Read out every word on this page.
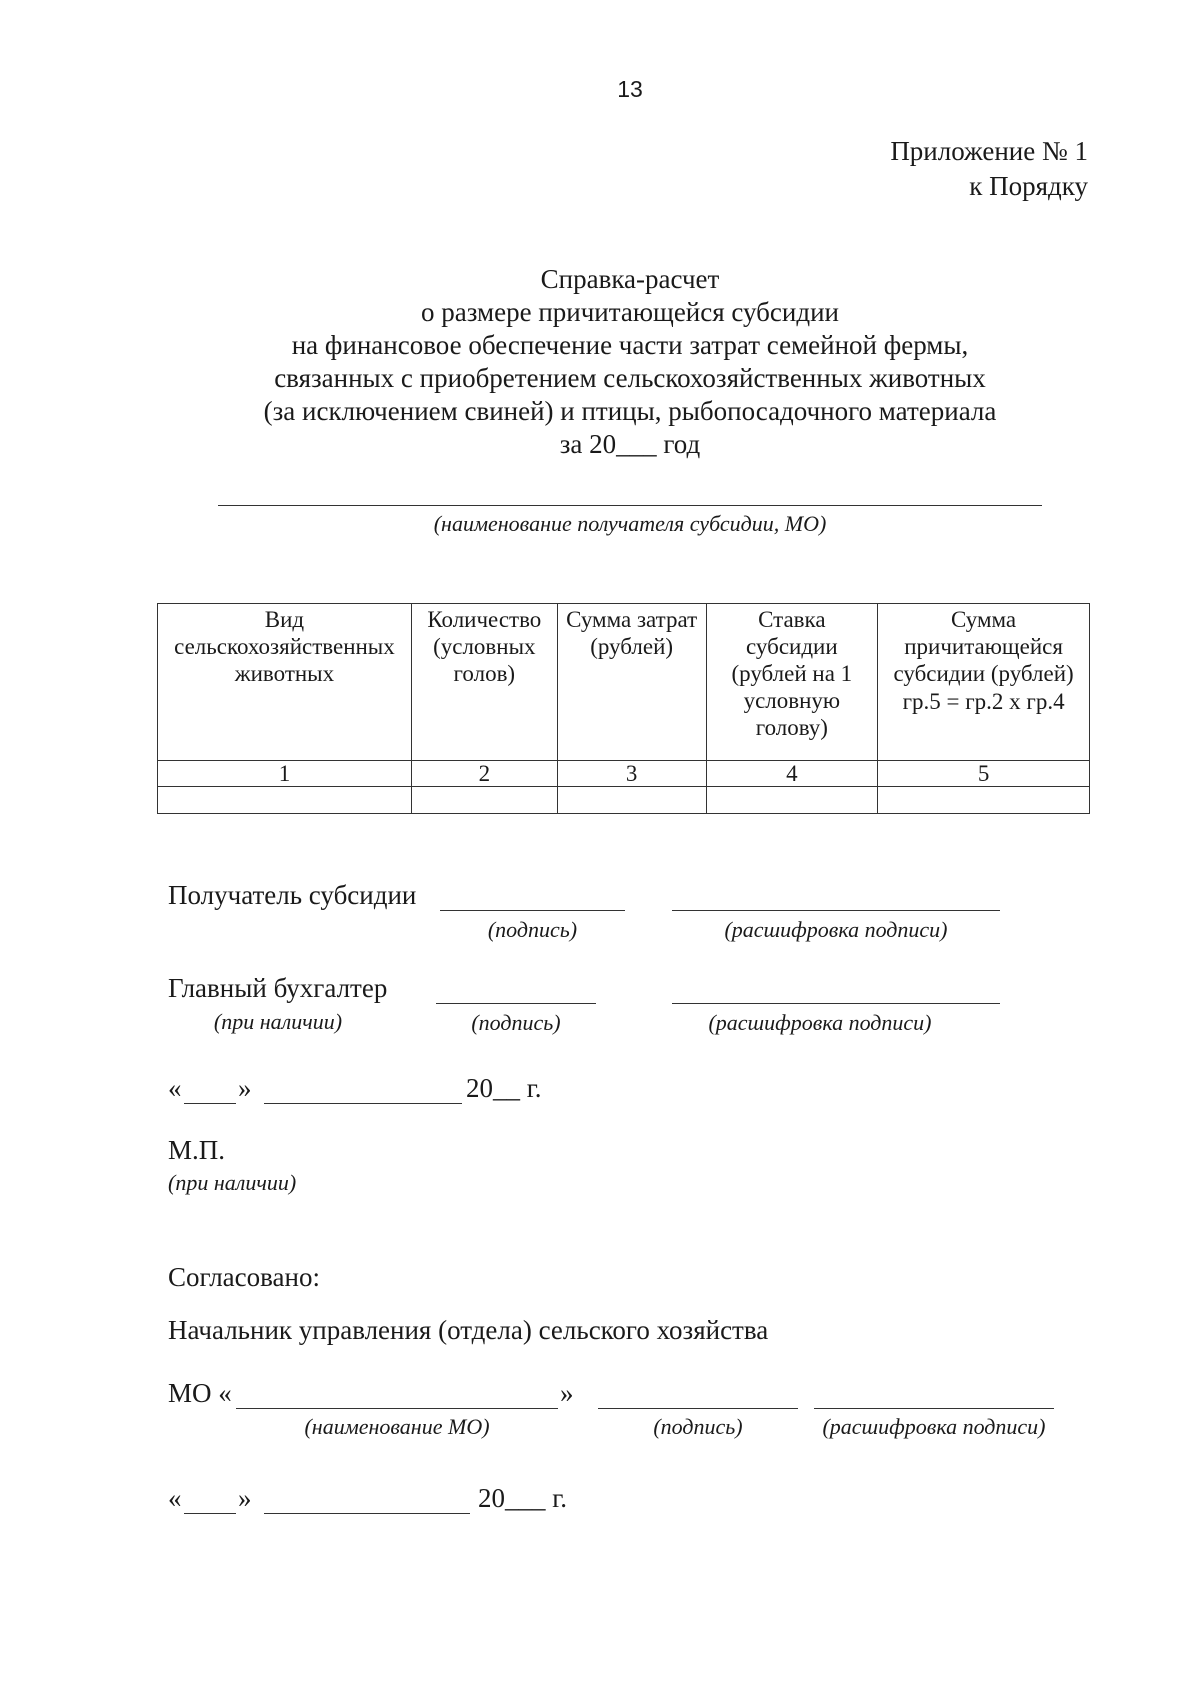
13
Приложение № 1
к Порядку
Справка-расчет
о размере причитающейся субсидии
на финансовое обеспечение части затрат семейной фермы,
связанных с приобретением сельскохозяйственных животных
(за исключением свиней) и птицы, рыбопосадочного материала
за 20___ год
(наименование получателя субсидии, МО)
Вид сельскохозяйственных животных	Количество (условных голов)	Сумма затрат (рублей)	Ставка субсидии (рублей на 1 условную голову)	Сумма причитающейся субсидии (рублей)
гр.5 = гр.2 х гр.4

1	2	3	4	5

Получатель субсидии
(подпись)	(расшифровка подписи)
Главный бухгалтер
(при наличии)	(подпись)	(расшифровка подписи)
« »	20__ г.
М.П.
(при наличии)
Согласовано:
Начальник управления (отдела) сельского хозяйства
МО «	»
(наименование МО)	(подпись)	(расшифровка подписи)
« »	20___ г.
